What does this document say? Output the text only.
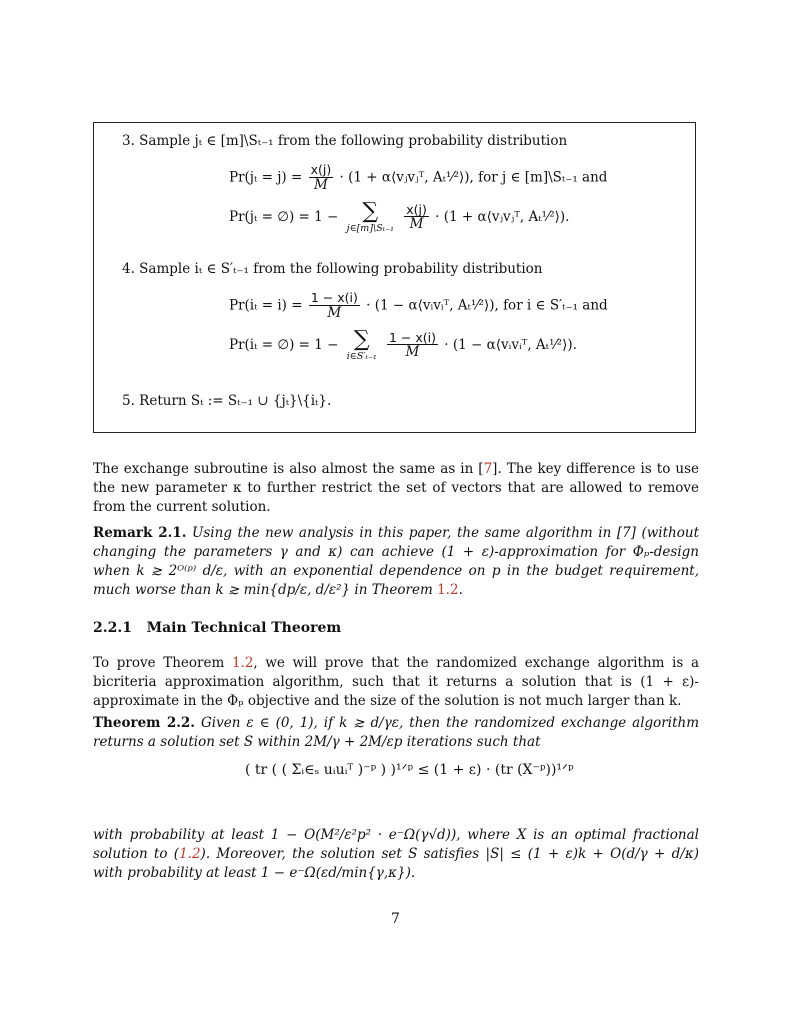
3. Sample jₜ ∈ [m]\Sₜ₋₁ from the following probability distribution
$Pr(j_t = j) = \frac{x(j)}{M} \cdot (1$ + α⟨vⱼvⱼᵀ, Aₜ¹⁄²⟩), for j ∈ [m]\Sₜ₋₁ and
Pr(jₜ = ∅) = 1 −	∑
j∈[m]\Sₜ₋₁
$\frac{x(j)}{M} \cdot (1$ + α⟨vⱼvⱼᵀ, Aₜ¹⁄²⟩).
4. Sample iₜ ∈ S′ₜ₋₁ from the following probability distribution
$Pr(i_t = i) = \frac{1 - x(i)}{M} \cdot (1$ − α⟨vᵢvᵢᵀ, Aₜ¹⁄²⟩), for i ∈ S′ₜ₋₁ and
Pr(iₜ = ∅) = 1 − ∑
i∈S′ₜ₋₁
$\frac{1 - x(i)}{M} \cdot (1$ − α⟨vᵢvᵢᵀ, Aₜ¹⁄²⟩).
5. Return Sₜ := Sₜ₋₁ ∪ {jₜ}\{iₜ}.
The exchange subroutine is also almost the same as in [7]. The key difference is to use the new parameter κ to further restrict the set of vectors that are allowed to remove from the current solution.
Remark 2.1. Using the new analysis in this paper, the same algorithm in [7] (without changing the parameters γ and κ) can achieve (1 + ε)-approximation for Φₚ-design when k ≳ 2ᴼ⁽ᵖ⁾ d/ε, with an exponential dependence on p in the budget requirement, much worse than k ≳ min{dp/ε, d/ε²} in Theorem 1.2.
2.2.1 Main Technical Theorem
To prove Theorem 1.2, we will prove that the randomized exchange algorithm is a bicriteria approximation algorithm, such that it returns a solution that is (1 + ε)-approximate in the Φₚ objective and the size of the solution is not much larger than k.
Theorem 2.2. Given ε ∈ (0, 1), if k ≳ d/γε, then the randomized exchange algorithm returns a solution set S within 2M/γ + 2M/εp iterations such that
( tr ( ( Σᵢ∈ₛ uᵢuᵢᵀ )⁻ᵖ ) )¹ᐟᵖ ≤ (1 + ε) · (tr (X⁻ᵖ))¹ᐟᵖ
with probability at least 1 − O(M²/ε²p² · e⁻Ω(γ√d)), where X is an optimal fractional solution to (1.2). Moreover, the solution set S satisfies |S| ≤ (1 + ε)k + O(d/γ + d/κ) with probability at least 1 − e⁻Ω(εd/min{γ,κ}).
7
